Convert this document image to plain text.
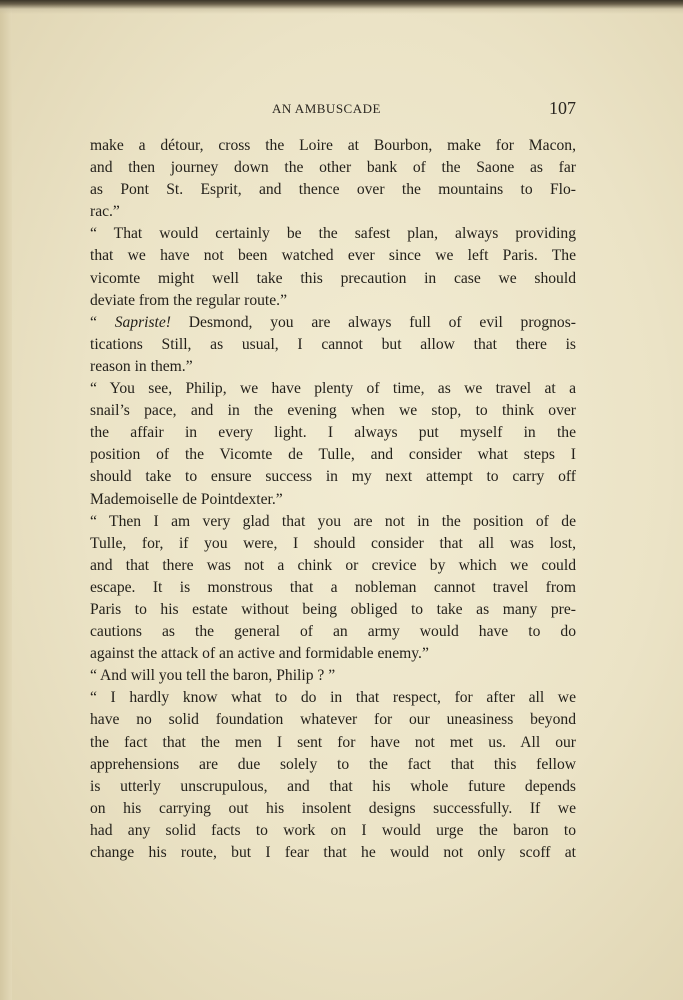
AN AMBUSCADE	107
make a détour, cross the Loire at Bourbon, make for Macon,
and then journey down the other bank of the Saone as far
as Pont St. Esprit, and thence over the mountains to Flo-
rac.”
“ That would certainly be the safest plan, always providing
that we have not been watched ever since we left Paris. The
vicomte might well take this precaution in case we should
deviate from the regular route.”
“ Sapriste! Desmond, you are always full of evil prognos-
tications Still, as usual, I cannot but allow that there is
reason in them.”
“ You see, Philip, we have plenty of time, as we travel at a
snail’s pace, and in the evening when we stop, to think over
the affair in every light. I always put myself in the
position of the Vicomte de Tulle, and consider what steps I
should take to ensure success in my next attempt to carry off
Mademoiselle de Pointdexter.”
“ Then I am very glad that you are not in the position of de
Tulle, for, if you were, I should consider that all was lost,
and that there was not a chink or crevice by which we could
escape. It is monstrous that a nobleman cannot travel from
Paris to his estate without being obliged to take as many pre-
cautions as the general of an army would have to do
against the attack of an active and formidable enemy.”
“ And will you tell the baron, Philip ? ”
“ I hardly know what to do in that respect, for after all we
have no solid foundation whatever for our uneasiness beyond
the fact that the men I sent for have not met us. All our
apprehensions are due solely to the fact that this fellow
is utterly unscrupulous, and that his whole future depends
on his carrying out his insolent designs successfully. If we
had any solid facts to work on I would urge the baron to
change his route, but I fear that he would not only scoff at
